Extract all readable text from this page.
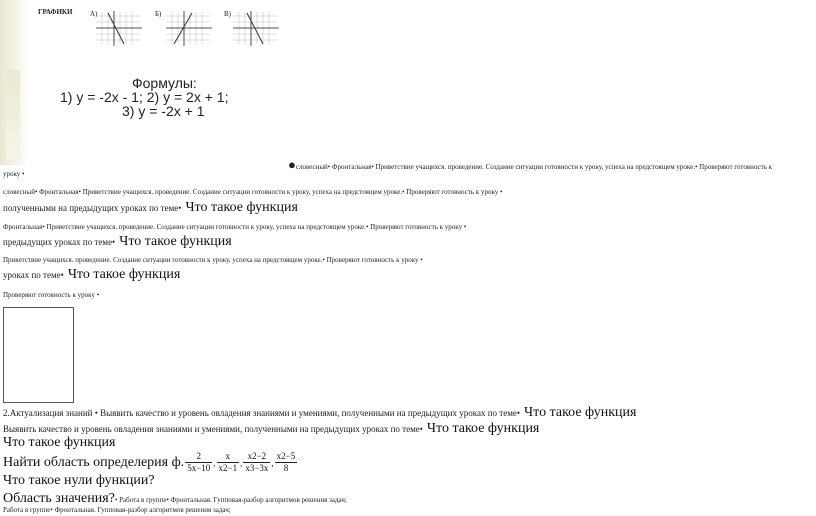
ГРАФИКИ	A)	Б)	В)
Формулы:
1) y = -2x - 1; 2) y = 2x + 1;
3) y = -2x + 1
●словесный• Фронтальная• Приветствие учащихся. проведение. Создание ситуации готовности к уроку, успеха на предстоящем уроке.• Проверяют готовность к
уроку •
словесный• Фронтальная• Приветствие учащихся. проведение. Создание ситуации готовности к уроку, успеха на предстоящем уроке.• Проверяют готовность к уроку •
полученными на предыдущих уроках по теме• Что такое функция
Фронтальная• Приветствие учащихся. проведение. Создание ситуации готовности к уроку, успеха на предстоящем уроке.• Проверяют готовность к уроку •
предыдущих уроках по теме• Что такое функция
Приветствие учащихся. проведение. Создание ситуации готовности к уроку, успеха на предстоящем уроке.• Проверяют готовность к уроку •
уроках по теме• Что такое функция
Проверяют готовность к уроку •
2.Актуализация знаний • Выявить качество и уровень овладения знаниями и умениями, полученными на предыдущих уроках по теме• Что такое функция
Выявить качество и уровень овладения знаниями и умениями, полученными на предыдущих уроках по теме• Что такое функция
Что такое функция
Найти область определерия ф. $\frac{2}{5x-10}$ , $\frac{x}{x2-1}$ , $\frac{x2-2}{x3-3x}$ , $\frac{x2-5}{8}$
Что такое нули функции?
Область значения?• Работа в группе• Фронтальная. Гупповая-разбор алгоритмов решения задач;
Работа в группе• Фронтальная. Гупповая-разбор алгоритмов решения задач;
